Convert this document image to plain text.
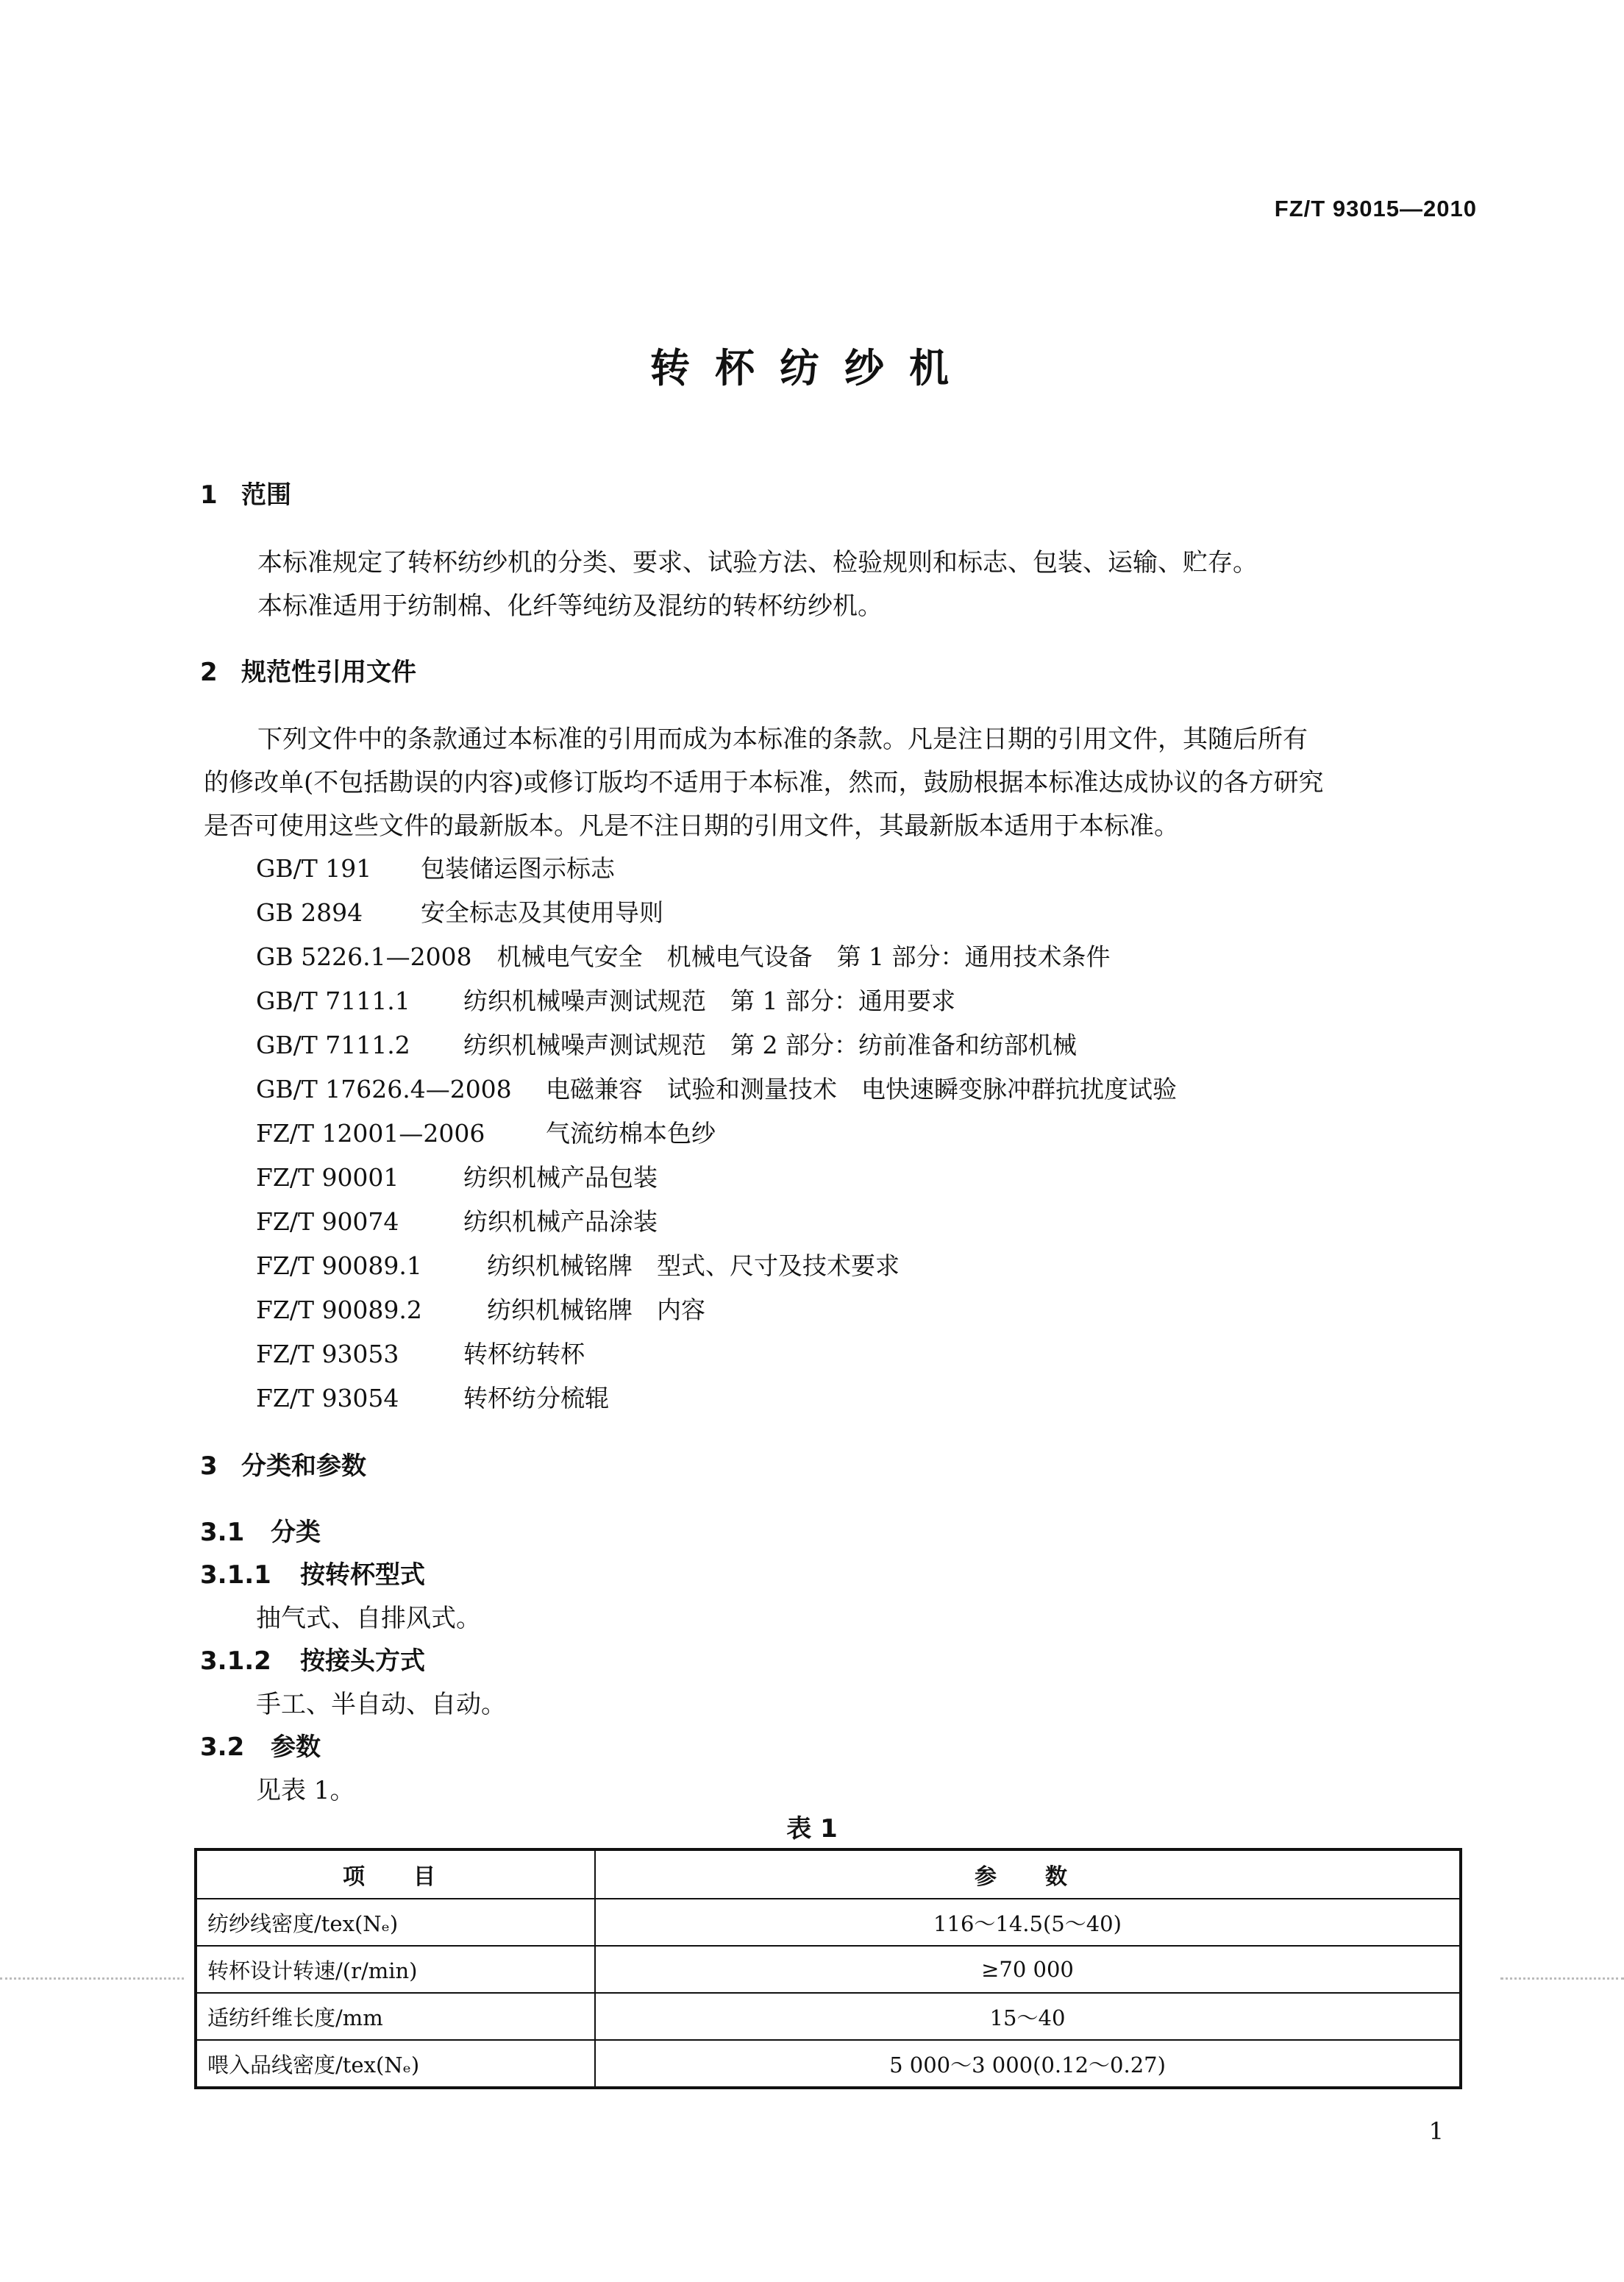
FZ/T 93015—2010
转杯纺纱机
1 范围
本标准规定了转杯纺纱机的分类、要求、试验方法、检验规则和标志、包装、运输、贮存。
本标准适用于纺制棉、化纤等纯纺及混纺的转杯纺纱机。
2 规范性引用文件
下列文件中的条款通过本标准的引用而成为本标准的条款。凡是注日期的引用文件，其随后所有
的修改单(不包括勘误的内容)或修订版均不适用于本标准，然而，鼓励根据本标准达成协议的各方研究
是否可使用这些文件的最新版本。凡是不注日期的引用文件，其最新版本适用于本标准。
GB/T 191 包装储运图示标志
GB 2894 安全标志及其使用导则
GB 5226.1—2008 机械电气安全　机械电气设备　第 1 部分：通用技术条件
GB/T 7111.1 纺织机械噪声测试规范　第 1 部分：通用要求
GB/T 7111.2 纺织机械噪声测试规范　第 2 部分：纺前准备和纺部机械
GB/T 17626.4—2008 电磁兼容　试验和测量技术　电快速瞬变脉冲群抗扰度试验
FZ/T 12001—2006	气流纺棉本色纱
FZ/T 90001	纺织机械产品包装
FZ/T 90074	纺织机械产品涂装
FZ/T 90089.1	纺织机械铭牌　型式、尺寸及技术要求
FZ/T 90089.2	纺织机械铭牌　内容
FZ/T 93053	转杯纺转杯
FZ/T 93054	转杯纺分梳辊
3 分类和参数
3.1 分类
3.1.1 按转杯型式
抽气式、自排风式。
3.1.2 按接头方式
手工、半自动、自动。
3.2 参数
见表 1。
表 1
项　目	参　数
纺纱线密度/tex(Nₑ)	116～14.5(5～40)
转杯设计转速/(r/min)	≥70 000
适纺纤维长度/mm	15～40
喂入品线密度/tex(Nₑ)	5 000～3 000(0.12～0.27)
1
